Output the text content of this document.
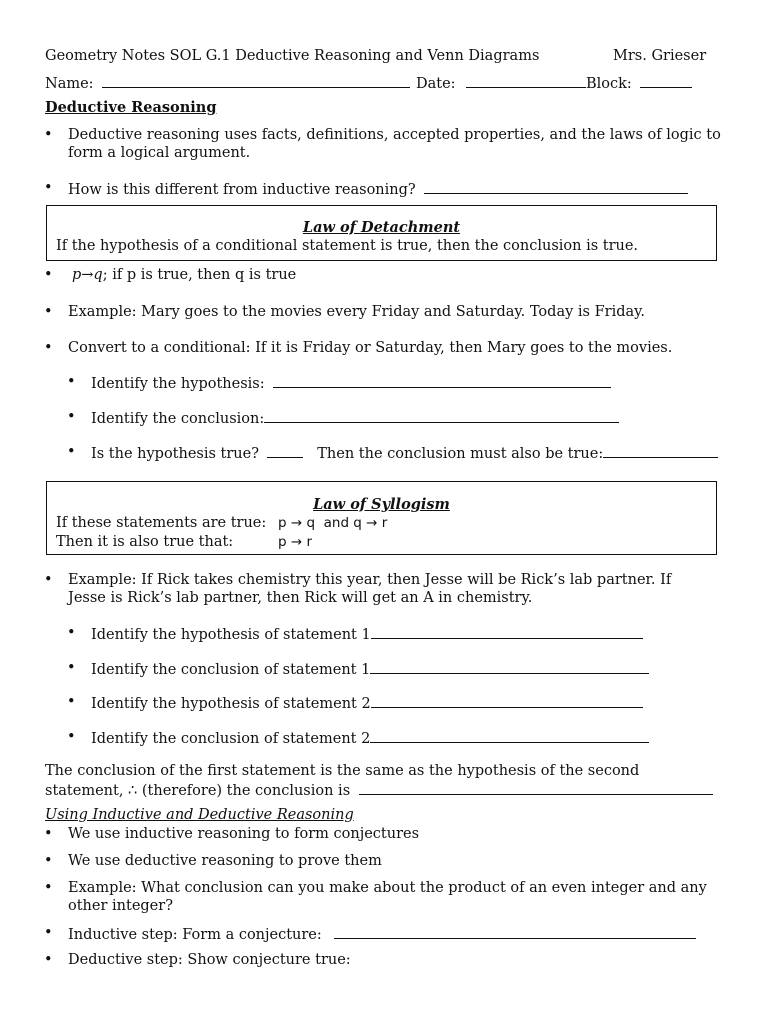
Geometry Notes SOL G.1 Deductive Reasoning and Venn Diagrams	Mrs. Grieser
Name:	Date:	Block:
Deductive Reasoning
• Deductive reasoning uses facts, definitions, accepted properties, and the laws of logic to form a logical argument.
• How is this different from inductive reasoning?
Law of Detachment
If the hypothesis of a conditional statement is true, then the conclusion is true.
• p→q; if p is true, then q is true
• Example: Mary goes to the movies every Friday and Saturday. Today is Friday.
• Convert to a conditional: If it is Friday or Saturday, then Mary goes to the movies.
• Identify the hypothesis:
• Identify the conclusion:
• Is the hypothesis true?	Then the conclusion must also be true:
Law of Syllogism
If these statements are true: p → q  and q → r
Then it is also true that:	p → r
• Example: If Rick takes chemistry this year, then Jesse will be Rick’s lab partner. If Jesse is Rick’s lab partner, then Rick will get an A in chemistry.
• Identify the hypothesis of statement 1
• Identify the conclusion of statement 1
• Identify the hypothesis of statement 2
• Identify the conclusion of statement 2
The conclusion of the first statement is the same as the hypothesis of the second
statement, ∴ (therefore) the conclusion is
Using Inductive and Deductive Reasoning
• We use inductive reasoning to form conjectures
• We use deductive reasoning to prove them
• Example: What conclusion can you make about the product of an even integer and any other integer?
• Inductive step: Form a conjecture:
• Deductive step: Show conjecture true:
